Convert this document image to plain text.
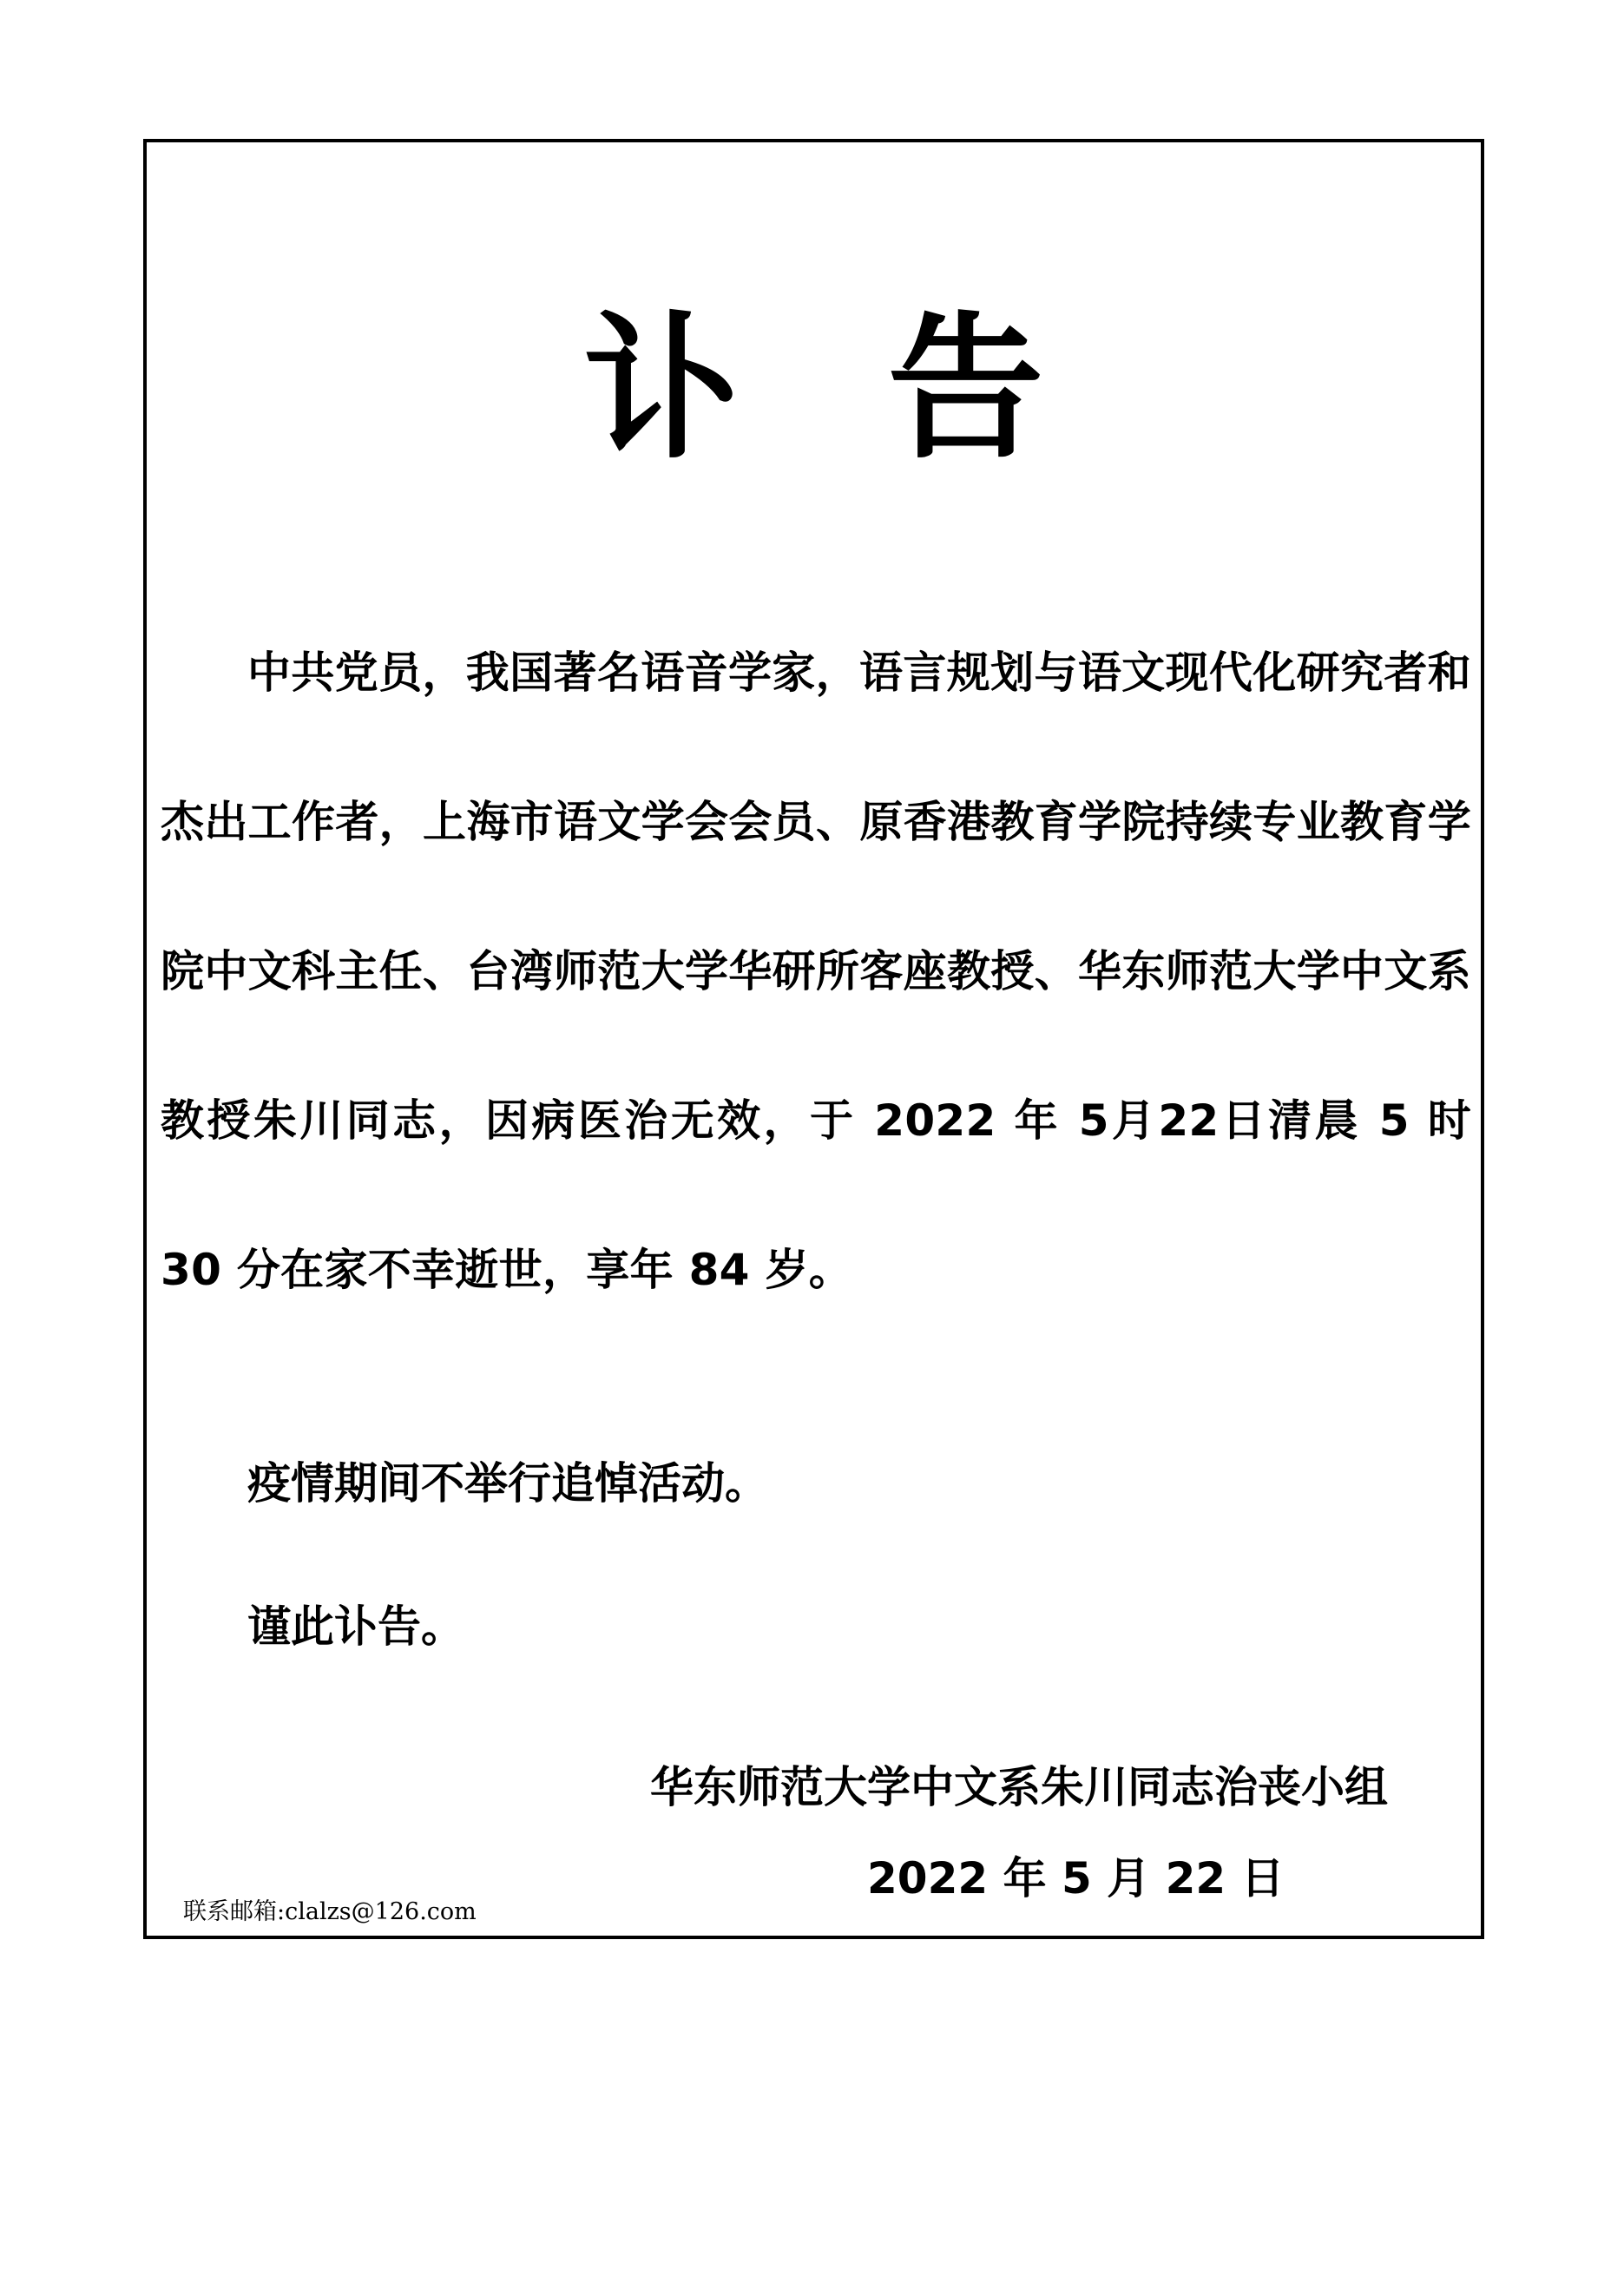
讣 告
中共党员，我国著名语音学家，语言规划与语文现代化研究者和杰出工作者，上海市语文学会会员、原香港教育学院持续专业教育学院中文科主任、台湾师范大学华研所客座教授、华东师范大学中文系教授朱川同志，因病医治无效，于 2022 年 5月22日清晨 5 时 30 分在家不幸逝世，享年 84 岁。
疫情期间不举行追悼活动。
谨此讣告。
华东师范大学中文系朱川同志治丧小组
2022 年 5 月 22 日
联系邮箱:clalzs@126.com
